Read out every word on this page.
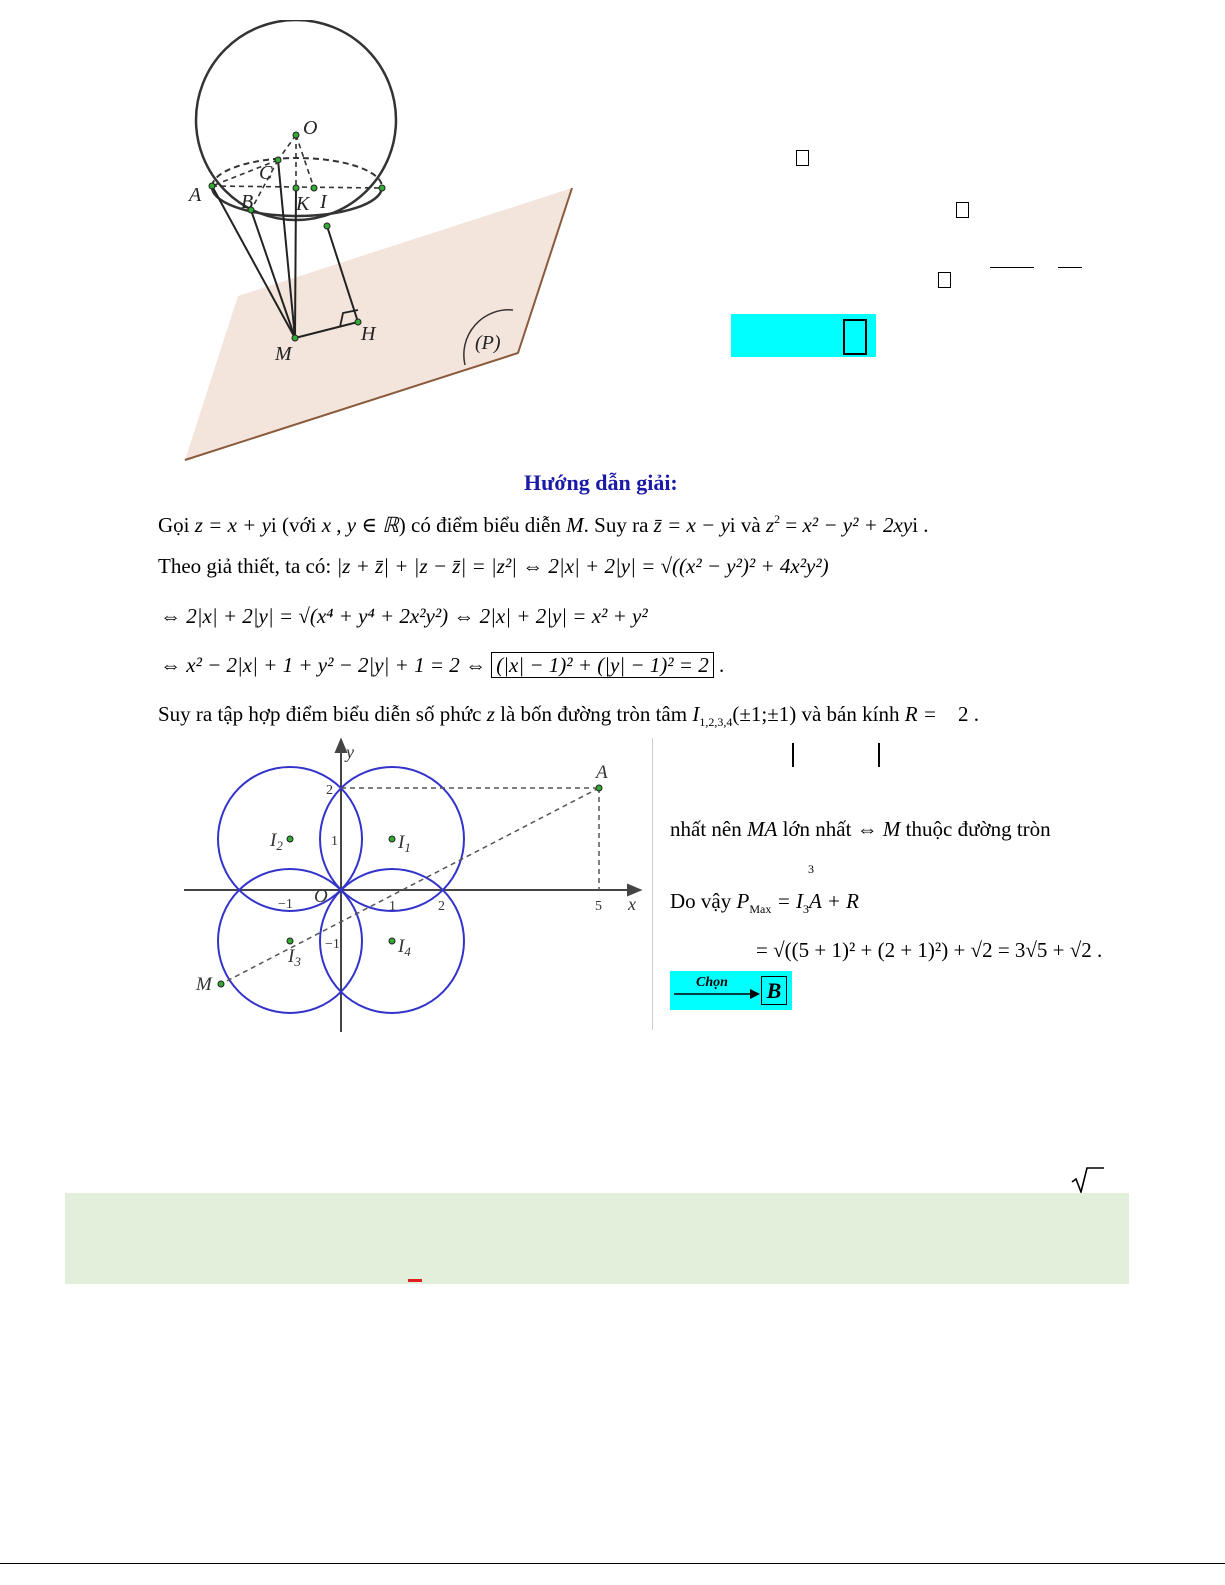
O
C
A B K I
M
H	(P)
Hướng dẫn giải:
Gọi z = x + yi (với x , y ∈ ℝ) có điểm biểu diễn M. Suy ra z̄ = x − yi và $z^2 = x^2 - y^2 + 2xyi$ .
Theo giả thiết, ta có: |z + z̄| + |z − z̄| = |z²| ⇔ 2|x| + 2|y| = √((x² − y²)² + 4x²y²)
⇔ 2|x| + 2|y| = √(x⁴ + y⁴ + 2x²y²) ⇔ 2|x| + 2|y| = x² + y²
⇔ x² − 2|x| + 1 + y² − 2|y| + 1 = 2 ⇔ (|x| − 1)² + (|y| − 1)² = 2 .
Suy ra tập hợp điểm biểu diễn số phức z là bốn đường tròn tâm $I_{1,2,3,4}(\pm 1;\pm 1)$ và bán kính R = 2 .
y
x
A
M
O
$I_1$
$I_2$
$I_3$
$I_4$
2
1
−1
−1	1	2	5
nhất nên MA lớn nhất ⇔ M thuộc đường tròn
3
Do vậy $P_{Max} = I_3A + R$
= √((5 + 1)² + (2 + 1)²) + √2 = 3√5 + √2 .
Chọn B
